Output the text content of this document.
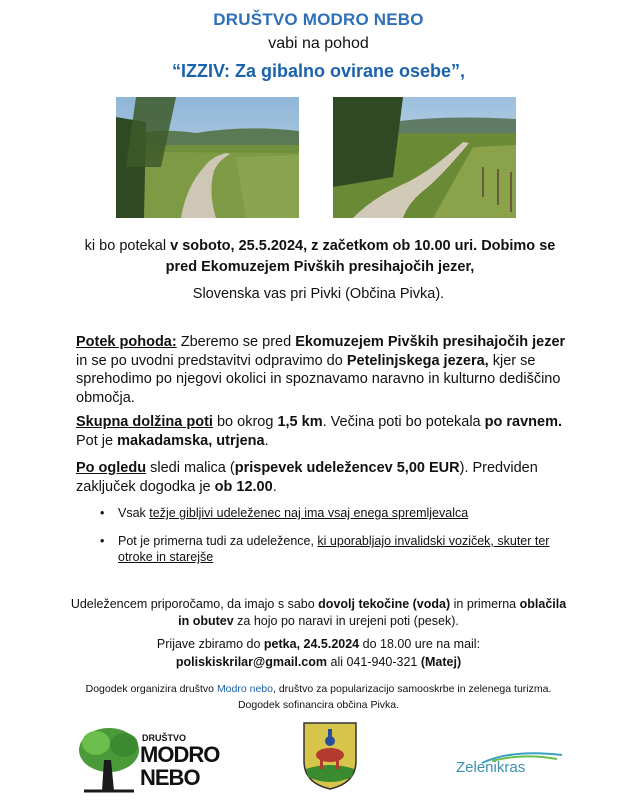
DRUŠTVO MODRO NEBO
vabi na pohod
“IZZIV: Za gibalno ovirane osebe”,
ki bo potekal v soboto, 25.5.2024, z začetkom ob 10.00 uri. Dobimo se pred Ekomuzejem Pivških presihajočih jezer,
Slovenska vas pri Pivki (Občina Pivka).
Potek pohoda: Zberemo se pred Ekomuzejem Pivških presihajočih jezer in se po uvodni predstavitvi odpravimo do Petelinjskega jezera, kjer se sprehodimo po njegovi okolici in spoznavamo naravno in kulturno dediščino območja.
Skupna dolžina poti bo okrog 1,5 km. Večina poti bo potekala po ravnem. Pot je makadamska, utrjena.
Po ogledu sledi malica (prispevek udeležencev 5,00 EUR). Predviden zaključek dogodka je ob 12.00.
• Vsak težje gibljivi udeleženec naj ima vsaj enega spremljevalca
• Pot je primerna tudi za udeležence, ki uporabljajo invalidski voziček, skuter ter otroke in starejše
Udeležencem priporočamo, da imajo s sabo dovolj tekočine (voda) in primerna oblačila in obutev za hojo po naravi in urejeni poti (pesek).
Prijave zbiramo do petka, 24.5.2024 do 18.00 ure na mail:
poliskiskrilar@gmail.com ali 041-940-321 (Matej)
Dogodek organizira društvo Modro nebo, društvo za popularizacijo samooskrbe in zelenega turizma.
Dogodek sofinancira občina Pivka.
DRUŠTVO
MODRO
NEBO	Zelenikras
